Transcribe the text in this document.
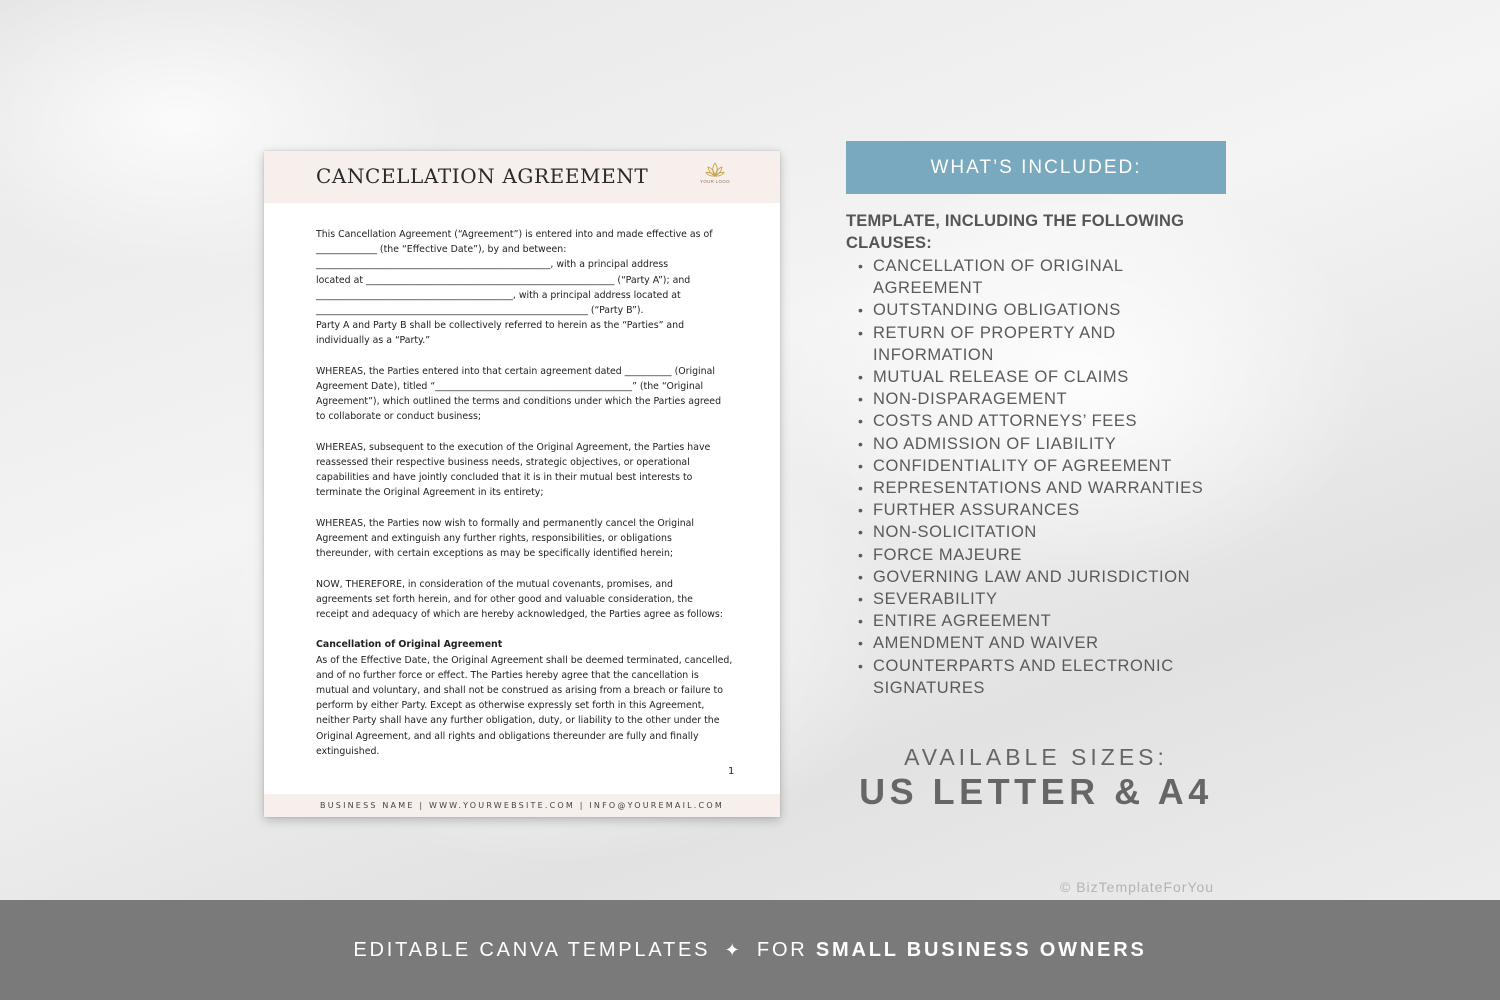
CANCELLATION AGREEMENT	YOUR LOGO

This Cancellation Agreement (“Agreement”) is entered into and made effective as of
_____________ (the “Effective Date”), by and between:
__________________________________________________, with a principal address
located at _____________________________________________________ (“Party A”); and
__________________________________________, with a principal address located at
__________________________________________________________ (“Party B”).
Party A and Party B shall be collectively referred to herein as the “Parties” and
individually as a “Party.”

WHEREAS, the Parties entered into that certain agreement dated __________ (Original
Agreement Date), titled “__________________________________________” (the “Original
Agreement”), which outlined the terms and conditions under which the Parties agreed
to collaborate or conduct business;

WHEREAS, subsequent to the execution of the Original Agreement, the Parties have
reassessed their respective business needs, strategic objectives, or operational
capabilities and have jointly concluded that it is in their mutual best interests to
terminate the Original Agreement in its entirety;

WHEREAS, the Parties now wish to formally and permanently cancel the Original
Agreement and extinguish any further rights, responsibilities, or obligations
thereunder, with certain exceptions as may be specifically identified herein;

NOW, THEREFORE, in consideration of the mutual covenants, promises, and
agreements set forth herein, and for other good and valuable consideration, the
receipt and adequacy of which are hereby acknowledged, the Parties agree as follows:

Cancellation of Original Agreement

As of the Effective Date, the Original Agreement shall be deemed terminated, cancelled,
and of no further force or effect. The Parties hereby agree that the cancellation is
mutual and voluntary, and shall not be construed as arising from a breach or failure to
perform by either Party. Except as otherwise expressly set forth in this Agreement,
neither Party shall have any further obligation, duty, or liability to the other under the
Original Agreement, and all rights and obligations thereunder are fully and finally
extinguished.

1
BUSINESS NAME | WWW.YOURWEBSITE.COM | INFO@YOUREMAIL.COM
WHAT’S INCLUDED:
TEMPLATE, INCLUDING THE FOLLOWING CLAUSES:
• CANCELLATION OF ORIGINAL AGREEMENT
• OUTSTANDING OBLIGATIONS
• RETURN OF PROPERTY AND INFORMATION
• MUTUAL RELEASE OF CLAIMS
• NON-DISPARAGEMENT
• COSTS AND ATTORNEYS’ FEES
• NO ADMISSION OF LIABILITY
• CONFIDENTIALITY OF AGREEMENT
• REPRESENTATIONS AND WARRANTIES
• FURTHER ASSURANCES
• NON-SOLICITATION
• FORCE MAJEURE
• GOVERNING LAW AND JURISDICTION
• SEVERABILITY
• ENTIRE AGREEMENT
• AMENDMENT AND WAIVER
• COUNTERPARTS AND ELECTRONIC SIGNATURES
AVAILABLE SIZES:
US LETTER & A4
© BizTemplateForYou
EDITABLE CANVA TEMPLATES ✦ FOR SMALL BUSINESS OWNERS
